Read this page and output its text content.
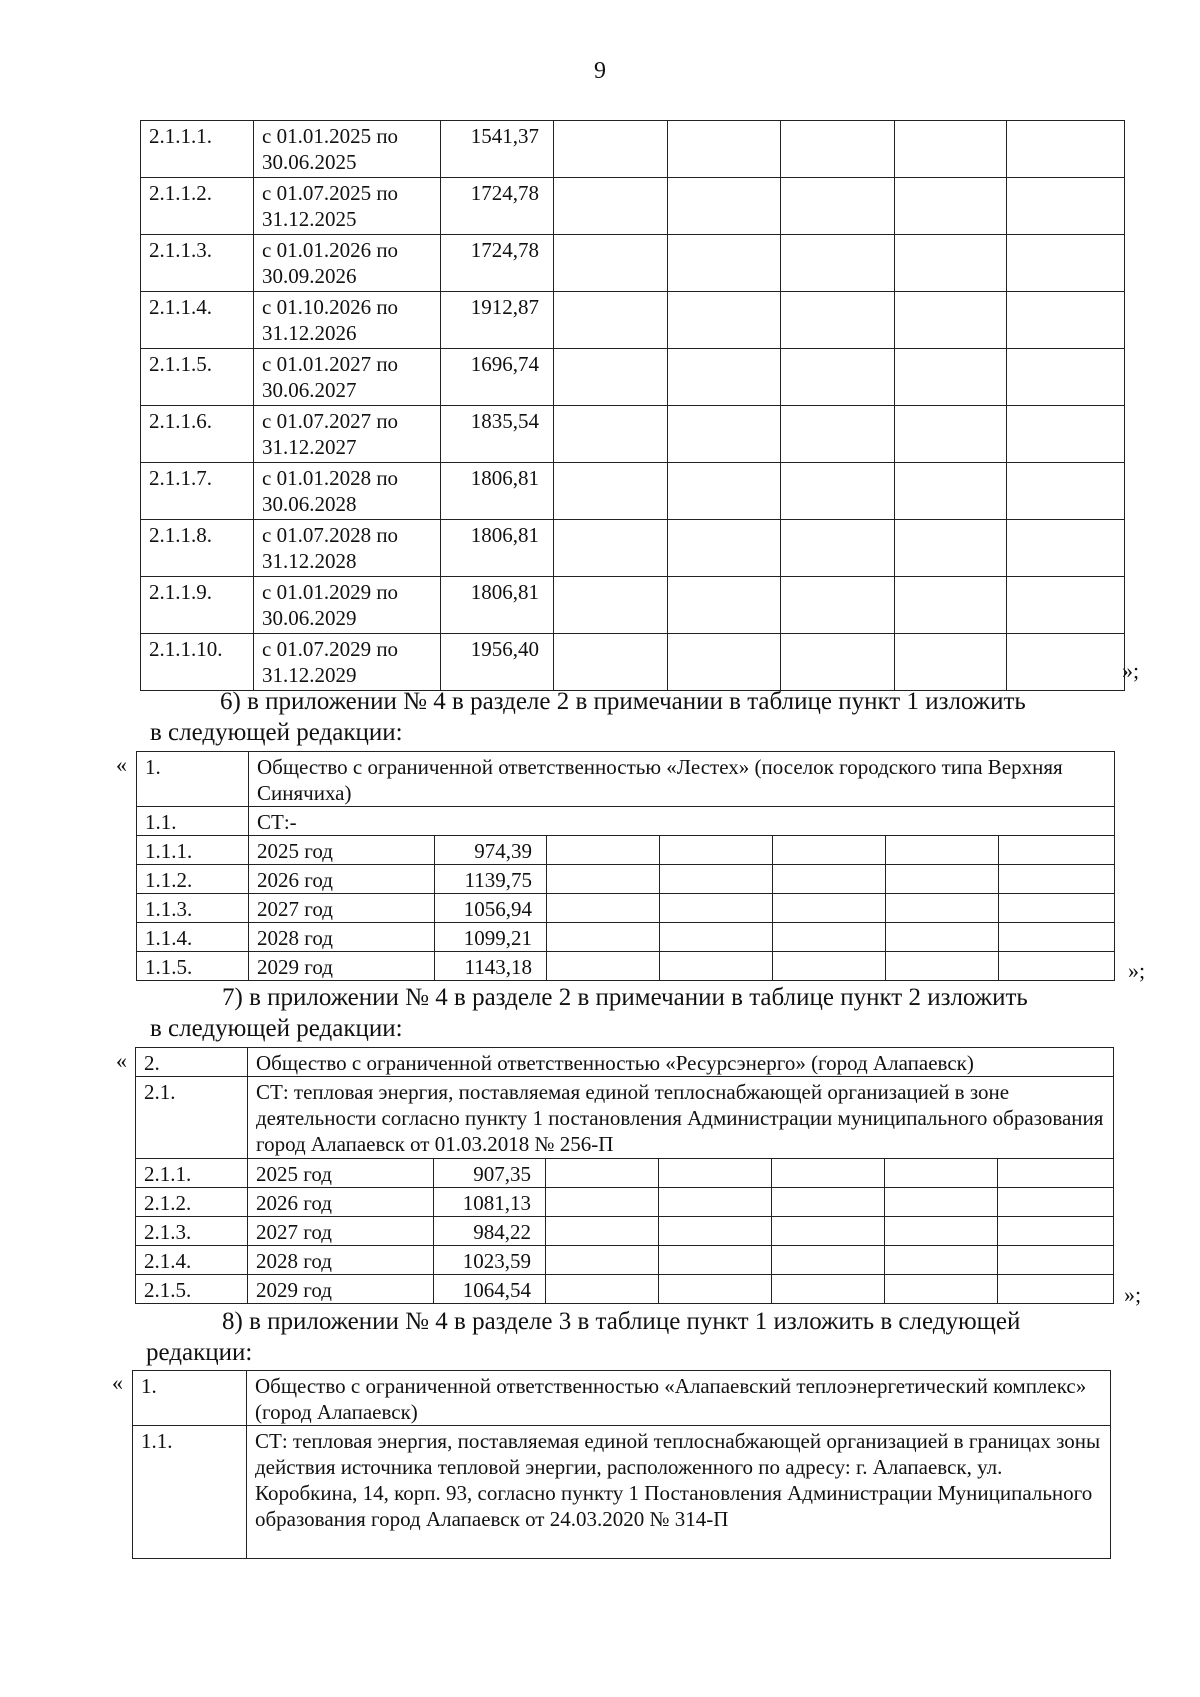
9
2.1.1.1.	с 01.01.2025 по 30.06.2025	1541,37					
2.1.1.2.	с 01.07.2025 по 31.12.2025	1724,78					
2.1.1.3.	с 01.01.2026 по 30.09.2026	1724,78					
2.1.1.4.	с 01.10.2026 по 31.12.2026	1912,87					
2.1.1.5.	с 01.01.2027 по 30.06.2027	1696,74					
2.1.1.6.	с 01.07.2027 по 31.12.2027	1835,54					
2.1.1.7.	с 01.01.2028 по 30.06.2028	1806,81					
2.1.1.8.	с 01.07.2028 по 31.12.2028	1806,81					
2.1.1.9.	с 01.01.2029 по 30.06.2029	1806,81					
2.1.1.10.	с 01.07.2029 по 31.12.2029	1956,40					
»;
6) в приложении № 4 в разделе 2 в примечании в таблице пункт 1 изложить
в следующей редакции:
« 1.	Общество с ограниченной ответственностью «Лестех» (поселок городского типа Верхняя Синячиха)						
1.1.	СТ:-						
1.1.1.	2025 год	974,39					
1.1.2.	2026 год	1139,75					
1.1.3.	2027 год	1056,94					
1.1.4.	2028 год	1099,21					
1.1.5.	2029 год	1143,18						»;
7) в приложении № 4 в разделе 2 в примечании в таблице пункт 2 изложить
в следующей редакции:
« 2.	Общество с ограниченной ответственностью «Ресурсэнерго» (город Алапаевск)						
2.1.	СТ: тепловая энергия, поставляемая единой теплоснабжающей организацией в зоне деятельности согласно пункту 1 постановления Администрации муниципального образования город Алапаевск от 01.03.2018 № 256-П						
2.1.1.	2025 год	907,35					
2.1.2.	2026 год	1081,13					
2.1.3.	2027 год	984,22					
2.1.4.	2028 год	1023,59					
2.1.5.	2029 год	1064,54						»;
8) в приложении № 4 в разделе 3 в таблице пункт 1 изложить в следующей
редакции:
« 1.	Общество с ограниченной ответственностью «Алапаевский теплоэнергетический комплекс» (город Алапаевск)
1.1.	СТ: тепловая энергия, поставляемая единой теплоснабжающей организацией в границах зоны действия источника тепловой энергии, расположенного по адресу: г. Алапаевск, ул. Коробкина, 14, корп. 93, согласно пункту 1 Постановления Администрации Муниципального образования город Алапаевск от 24.03.2020 № 314-П
